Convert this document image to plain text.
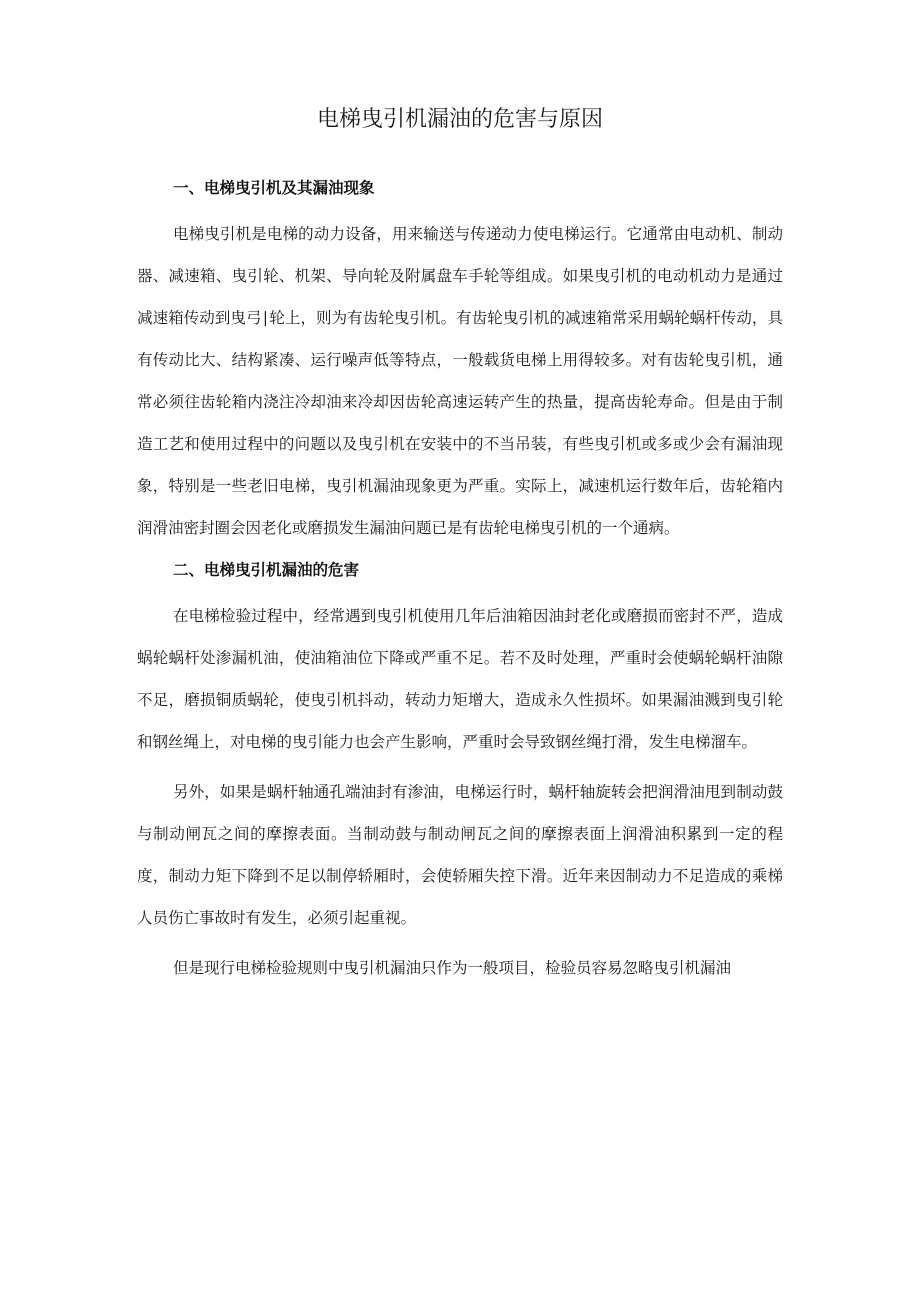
电梯曳引机漏油的危害与原因
一、电梯曳引机及其漏油现象

电梯曳引机是电梯的动力设备，用来输送与传递动力使电梯运行。它通常由电动机、制动器、减速箱、曳引轮、机架、导向轮及附属盘车手轮等组成。如果曳引机的电动机动力是通过减速箱传动到曳弓∣轮上，则为有齿轮曳引机。有齿轮曳引机的减速箱常采用蜗轮蜗杆传动，具有传动比大、结构紧凑、运行噪声低等特点，一般载货电梯上用得较多。对有齿轮曳引机，通常必须往齿轮箱内浇注冷却油来冷却因齿轮高速运转产生的热量，提高齿轮寿命。但是由于制造工艺和使用过程中的问题以及曳引机在安装中的不当吊装，有些曳引机或多或少会有漏油现象，特别是一些老旧电梯，曳引机漏油现象更为严重。实际上，减速机运行数年后，齿轮箱内润滑油密封圈会因老化或磨损发生漏油问题已是有齿轮电梯曳引机的一个通病。

二、电梯曳引机漏油的危害

在电梯检验过程中，经常遇到曳引机使用几年后油箱因油封老化或磨损而密封不严，造成蜗轮蜗杆处渗漏机油，使油箱油位下降或严重不足。若不及时处理，严重时会使蜗轮蜗杆油隙不足，磨损铜质蜗轮，使曳引机抖动，转动力矩增大，造成永久性损坏。如果漏油溅到曳引轮和钢丝绳上，对电梯的曳引能力也会产生影响，严重时会导致钢丝绳打滑，发生电梯溜车。

另外，如果是蜗杆轴通孔端油封有渗油，电梯运行时，蜗杆轴旋转会把润滑油甩到制动鼓与制动闸瓦之间的摩擦表面。当制动鼓与制动闸瓦之间的摩擦表面上润滑油积累到一定的程度，制动力矩下降到不足以制停轿厢时，会使轿厢失控下滑。近年来因制动力不足造成的乘梯人员伤亡事故时有发生，必须引起重视。

但是现行电梯检验规则中曳引机漏油只作为一般项目，检验员容易忽略曳引机漏油
